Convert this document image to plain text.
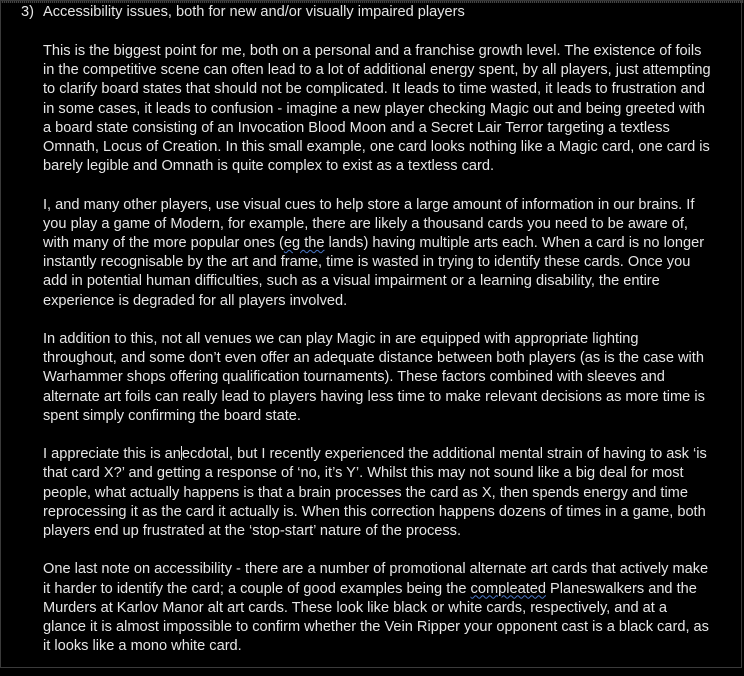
3) Accessibility issues, both for new and/or visually impaired players
This is the biggest point for me, both on a personal and a franchise growth level. The existence of foils
in the competitive scene can often lead to a lot of additional energy spent, by all players, just attempting
to clarify board states that should not be complicated. It leads to time wasted, it leads to frustration and
in some cases, it leads to confusion - imagine a new player checking Magic out and being greeted with
a board state consisting of an Invocation Blood Moon and a Secret Lair Terror targeting a textless
Omnath, Locus of Creation. In this small example, one card looks nothing like a Magic card, one card is
barely legible and Omnath is quite complex to exist as a textless card.
I, and many other players, use visual cues to help store a large amount of information in our brains. If
you play a game of Modern, for example, there are likely a thousand cards you need to be aware of,
with many of the more popular ones (eg the lands) having multiple arts each. When a card is no longer
instantly recognisable by the art and frame, time is wasted in trying to identify these cards. Once you
add in potential human difficulties, such as a visual impairment or a learning disability, the entire
experience is degraded for all players involved.
In addition to this, not all venues we can play Magic in are equipped with appropriate lighting
throughout, and some don’t even offer an adequate distance between both players (as is the case with
Warhammer shops offering qualification tournaments). These factors combined with sleeves and
alternate art foils can really lead to players having less time to make relevant decisions as more time is
spent simply confirming the board state.
I appreciate this is anecdotal, but I recently experienced the additional mental strain of having to ask ‘is
that card X?’ and getting a response of ‘no, it’s Y’. Whilst this may not sound like a big deal for most
people, what actually happens is that a brain processes the card as X, then spends energy and time
reprocessing it as the card it actually is. When this correction happens dozens of times in a game, both
players end up frustrated at the ‘stop-start’ nature of the process.
One last note on accessibility - there are a number of promotional alternate art cards that actively make
it harder to identify the card; a couple of good examples being the compleated Planeswalkers and the
Murders at Karlov Manor alt art cards. These look like black or white cards, respectively, and at a
glance it is almost impossible to confirm whether the Vein Ripper your opponent cast is a black card, as
it looks like a mono white card.
